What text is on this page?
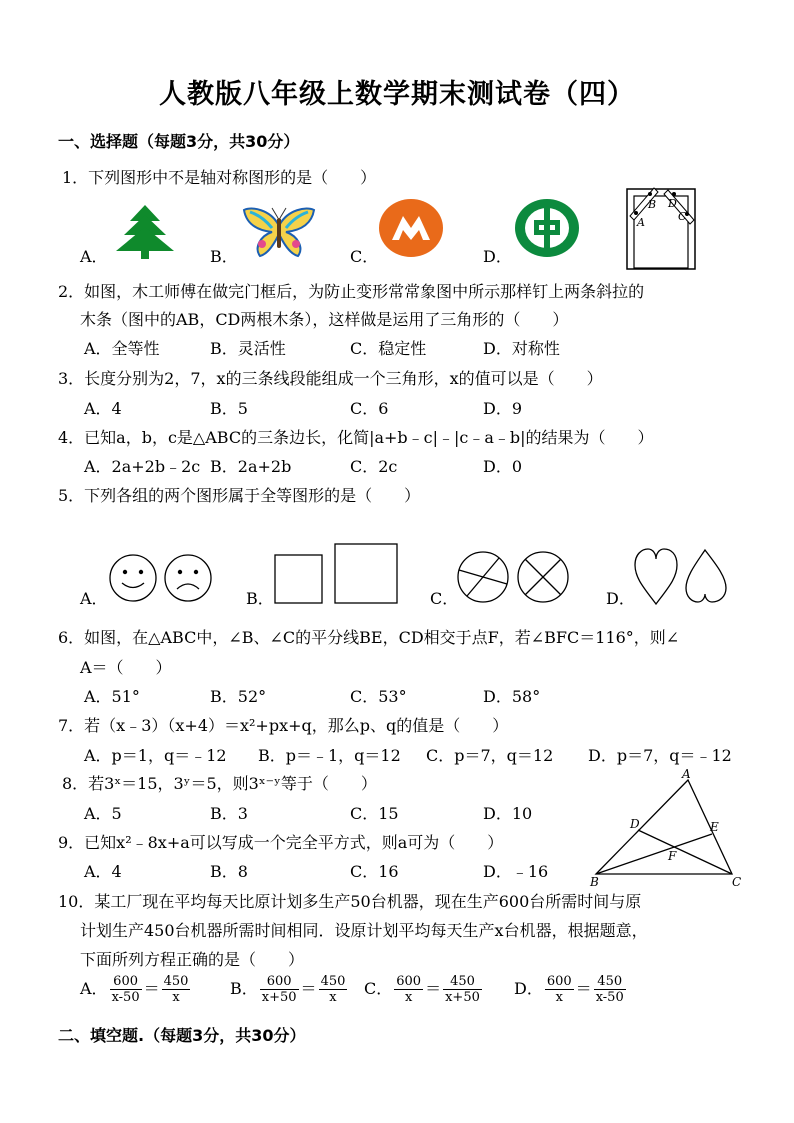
人教版八年级上数学期末测试卷（四）
一、选择题（每题3分，共30分）
1．下列图形中不是轴对称图形的是（　　）
A．	B．	C．	D．
A
B
C
D
2．如图，木工师傅在做完门框后，为防止变形常常象图中所示那样钉上两条斜拉的
木条（图中的AB，CD两根木条），这样做是运用了三角形的（　　）
A．全等性	B．灵活性	C．稳定性	D．对称性
3．长度分别为2，7，x的三条线段能组成一个三角形，x的值可以是（　　）
A．4	B．5	C．6	D．9
4．已知a，b，c是△ABC的三条边长，化简|a+b﹣c|﹣|c﹣a﹣b|的结果为（　　）
A．2a+2b﹣2c B．2a+2b	C．2c	D．0
5．下列各组的两个图形属于全等图形的是（　　）
A．	B．	C．	D．
6．如图，在△ABC中，∠B、∠C的平分线BE，CD相交于点F，若∠BFC＝116°，则∠
A＝（　　）
A．51°	B．52°	C．53°	D．58°
7．若（x﹣3）（x+4）＝x²+px+q，那么p、q的值是（　　）
A．p＝1，q＝﹣12 B．p＝﹣1，q＝12 C．p＝7，q＝12 D．p＝7，q＝﹣12
8．若3ˣ＝15，3ʸ＝5，则3ˣ⁻ʸ等于（　　）
A．5	B．3	C．15	D．10
9．已知x²﹣8x+a可以写成一个完全平方式，则a可为（　　）
A．4	B．8	C．16	D．﹣16
A
B	C
D	E
F
10．某工厂现在平均每天比原计划多生产50台机器，现在生产600台所需时间与原
计划生产450台机器所需时间相同．设原计划平均每天生产x台机器，根据题意，
下面所列方程正确的是（　　）
A． $\frac{600}{x-50} = \frac{450}{x}$ B． $\frac{600}{x+50} = \frac{450}{x}$ C． $\frac{600}{x} = \frac{450}{x+50}$ D． $\frac{600}{x} = \frac{450}{x-50}$
二、填空题.（每题3分，共30分）
